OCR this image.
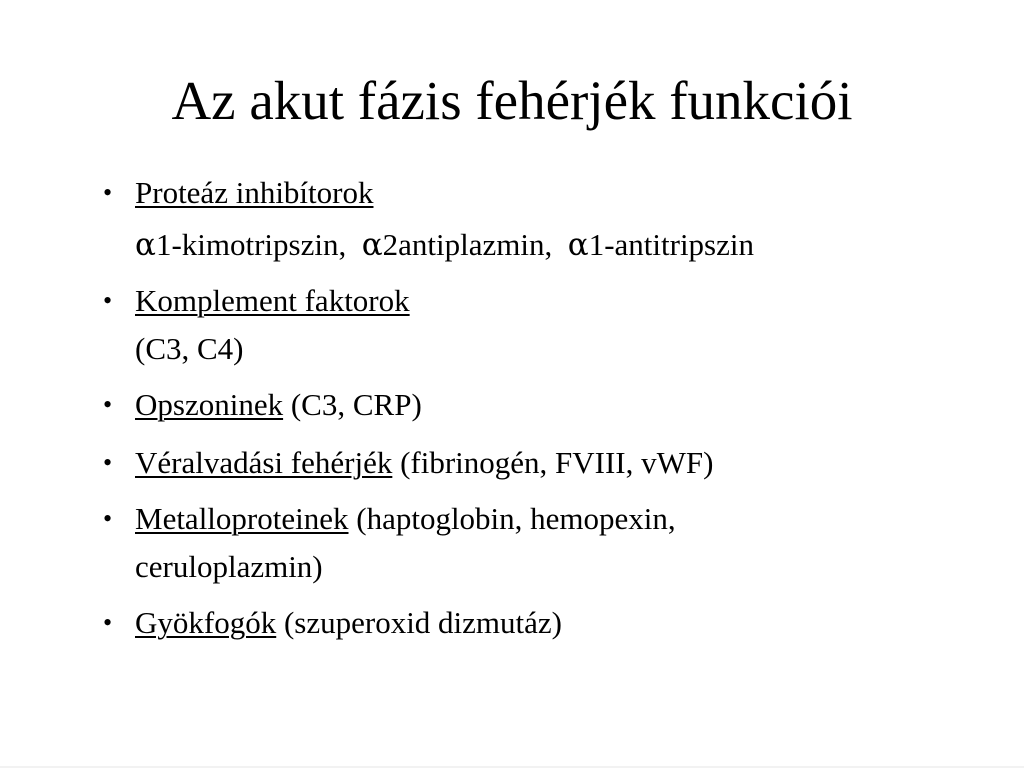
Az akut fázis fehérjék funkciói
• Proteáz inhibítorok
α1-kimotripszin, α2antiplazmin, α1-antitripszin
• Komplement faktorok
(C3, C4)
• Opszoninek (C3, CRP)
• Véralvadási fehérjék (fibrinogén, FVIII, vWF)
• Metalloproteinek (haptoglobin, hemopexin,
ceruloplazmin)
• Gyökfogók (szuperoxid dizmutáz)
